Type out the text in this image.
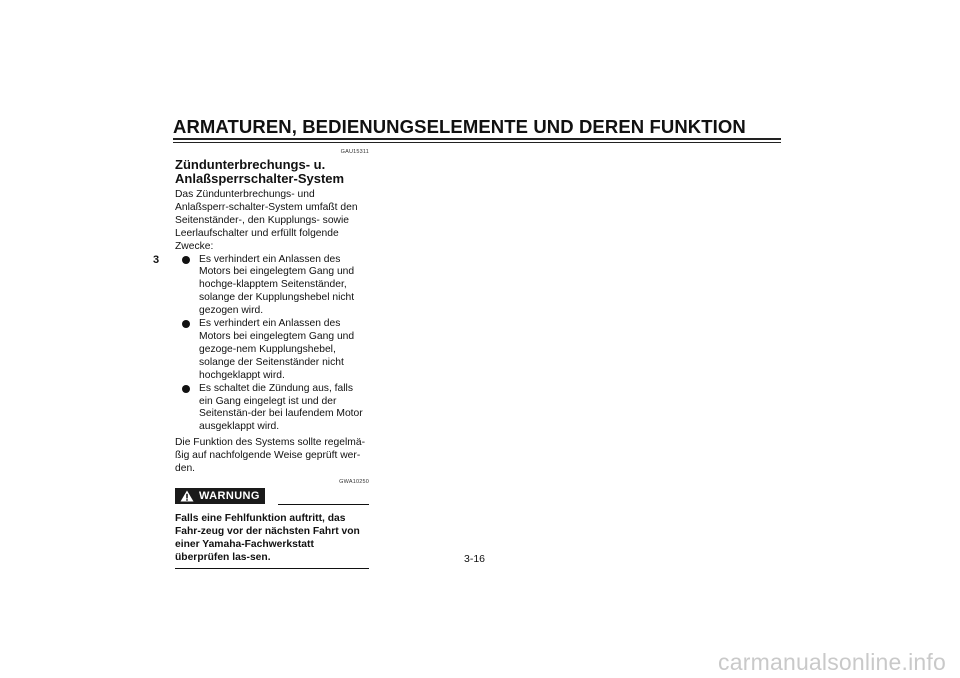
ARMATUREN, BEDIENUNGSELEMENTE UND DEREN FUNKTION
3
GAU15311
Zündunterbrechungs- u.
Anlaßsperrschalter-System
Das Zündunterbrechungs- und Anlaßsperr-schalter-System umfaßt den Seitenständer-, den Kupplungs- sowie Leerlaufschalter und erfüllt folgende Zwecke:
Es verhindert ein Anlassen des Motors bei eingelegtem Gang und hochge-klapptem Seitenständer, solange der Kupplungshebel nicht gezogen wird.
Es verhindert ein Anlassen des Motors bei eingelegtem Gang und gezoge-nem Kupplungshebel, solange der Seitenständer nicht hochgeklappt wird.
Es schaltet die Zündung aus, falls ein Gang eingelegt ist und der Seitenstän-der bei laufendem Motor ausgeklappt wird.
Die Funktion des Systems sollte regelmä-ßig auf nachfolgende Weise geprüft wer-den.
GWA10250
WARNUNG
Falls eine Fehlfunktion auftritt, das Fahr-zeug vor der nächsten Fahrt von einer Yamaha-Fachwerkstatt überprüfen las-sen.	3-16
carmanualsonline.info
